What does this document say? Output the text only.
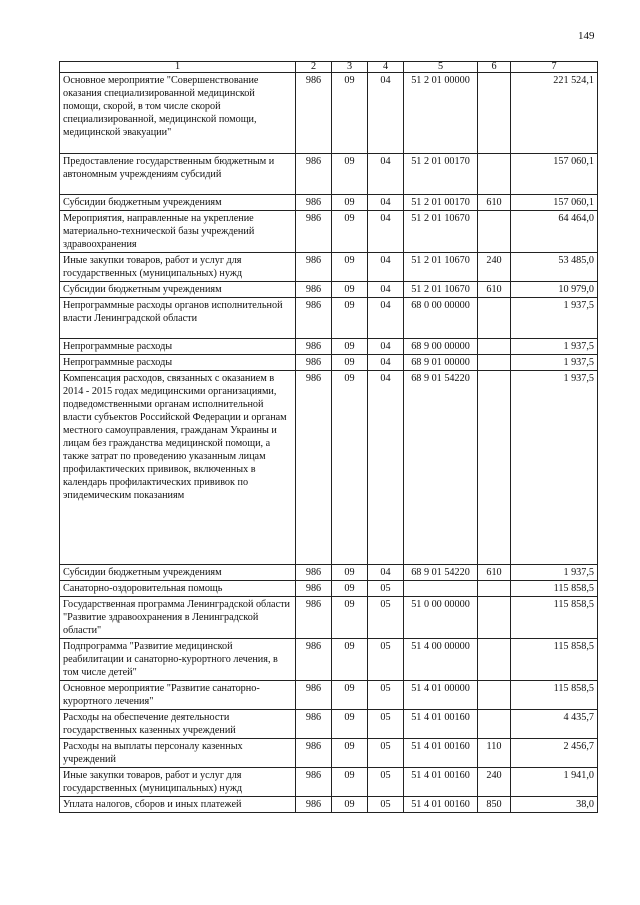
149
1	2	3	4	5	6	7
Основное мероприятие "Совершенствование оказания специализированной медицинской помощи, скорой, в том числе скорой специализированной, медицинской помощи, медицинской эвакуации"	986	09	04	51 2 01 00000		221 524,1
Предоставление государственным бюджетным и автономным учреждениям субсидий	986	09	04	51 2 01 00170		157 060,1
Субсидии бюджетным учреждениям	986	09	04	51 2 01 00170	610	157 060,1
Мероприятия, направленные на укрепление материально-технической базы учреждений здравоохранения	986	09	04	51 2 01 10670		64 464,0
Иные закупки товаров, работ и услуг для государственных (муниципальных) нужд	986	09	04	51 2 01 10670	240	53 485,0
Субсидии бюджетным учреждениям	986	09	04	51 2 01 10670	610	10 979,0
Непрограммные расходы органов исполнительной власти Ленинградской области	986	09	04	68 0 00 00000		1 937,5
Непрограммные расходы	986	09	04	68 9 00 00000		1 937,5
Непрограммные расходы	986	09	04	68 9 01 00000		1 937,5
Компенсация расходов, связанных с оказанием в 2014 - 2015 годах медицинскими организациями, подведомственными органам исполнительной власти субъектов Российской Федерации и органам местного самоуправления, гражданам Украины и лицам без гражданства медицинской помощи, а также затрат по проведению указанным лицам профилактических прививок, включенных в календарь профилактических прививок по эпидемическим показаниям	986	09	04	68 9 01 54220		1 937,5
Субсидии бюджетным учреждениям	986	09	04	68 9 01 54220	610	1 937,5
Санаторно-оздоровительная помощь	986	09	05			115 858,5
Государственная программа Ленинградской области "Развитие здравоохранения в Ленинградской области"	986	09	05	51 0 00 00000		115 858,5
Подпрограмма "Развитие медицинской реабилитации и санаторно-курортного лечения, в том числе детей"	986	09	05	51 4 00 00000		115 858,5
Основное мероприятие "Развитие санаторно-курортного лечения"	986	09	05	51 4 01 00000		115 858,5
Расходы на обеспечение деятельности государственных казенных учреждений	986	09	05	51 4 01 00160		4 435,7
Расходы на выплаты персоналу казенных учреждений	986	09	05	51 4 01 00160	110	2 456,7
Иные закупки товаров, работ и услуг для государственных (муниципальных) нужд	986	09	05	51 4 01 00160	240	1 941,0
Уплата налогов, сборов и иных платежей	986	09	05	51 4 01 00160	850	38,0
